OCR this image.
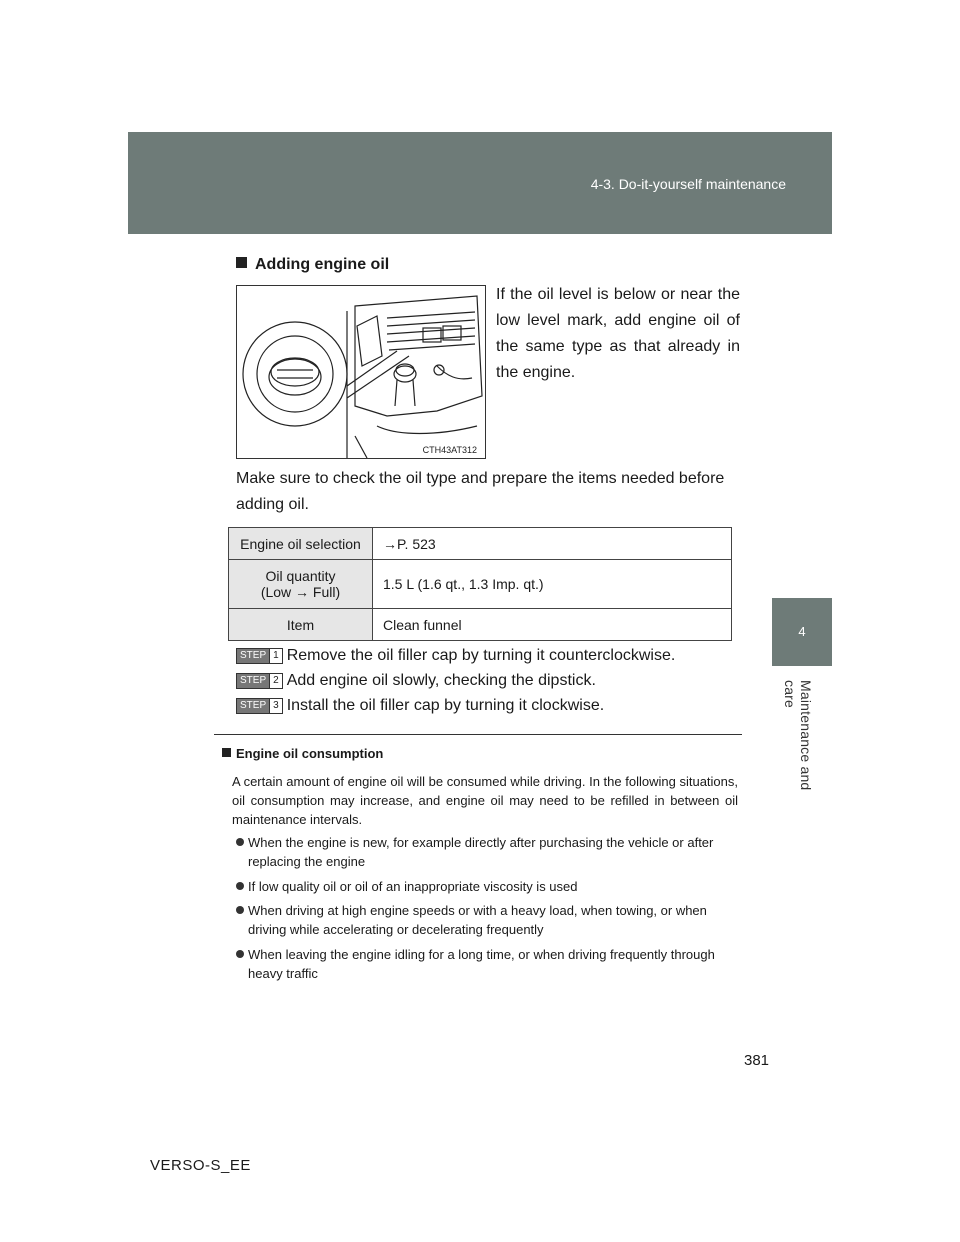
4-3. Do-it-yourself maintenance
4
Maintenance and care
Adding engine oil
CTH43AT312
If the oil level is below or near the low level mark, add engine oil of the same type as that already in the engine.
Make sure to check the oil type and prepare the items needed before adding oil.
Engine oil selection	→P. 523
Oil quantity
(Low → Full)	1.5 L (1.6 qt., 1.3 Imp. qt.)
Item	Clean funnel
STEP 1 Remove the oil filler cap by turning it counterclockwise.
STEP 2 Add engine oil slowly, checking the dipstick.
STEP 3 Install the oil filler cap by turning it clockwise.
Engine oil consumption
A certain amount of engine oil will be consumed while driving. In the following situations, oil consumption may increase, and engine oil may need to be refilled in between oil maintenance intervals.
When the engine is new, for example directly after purchasing the vehicle or after replacing the engine
If low quality oil or oil of an inappropriate viscosity is used
When driving at high engine speeds or with a heavy load, when towing, or when driving while accelerating or decelerating frequently
When leaving the engine idling for a long time, or when driving frequently through heavy traffic
381
VERSO-S_EE
